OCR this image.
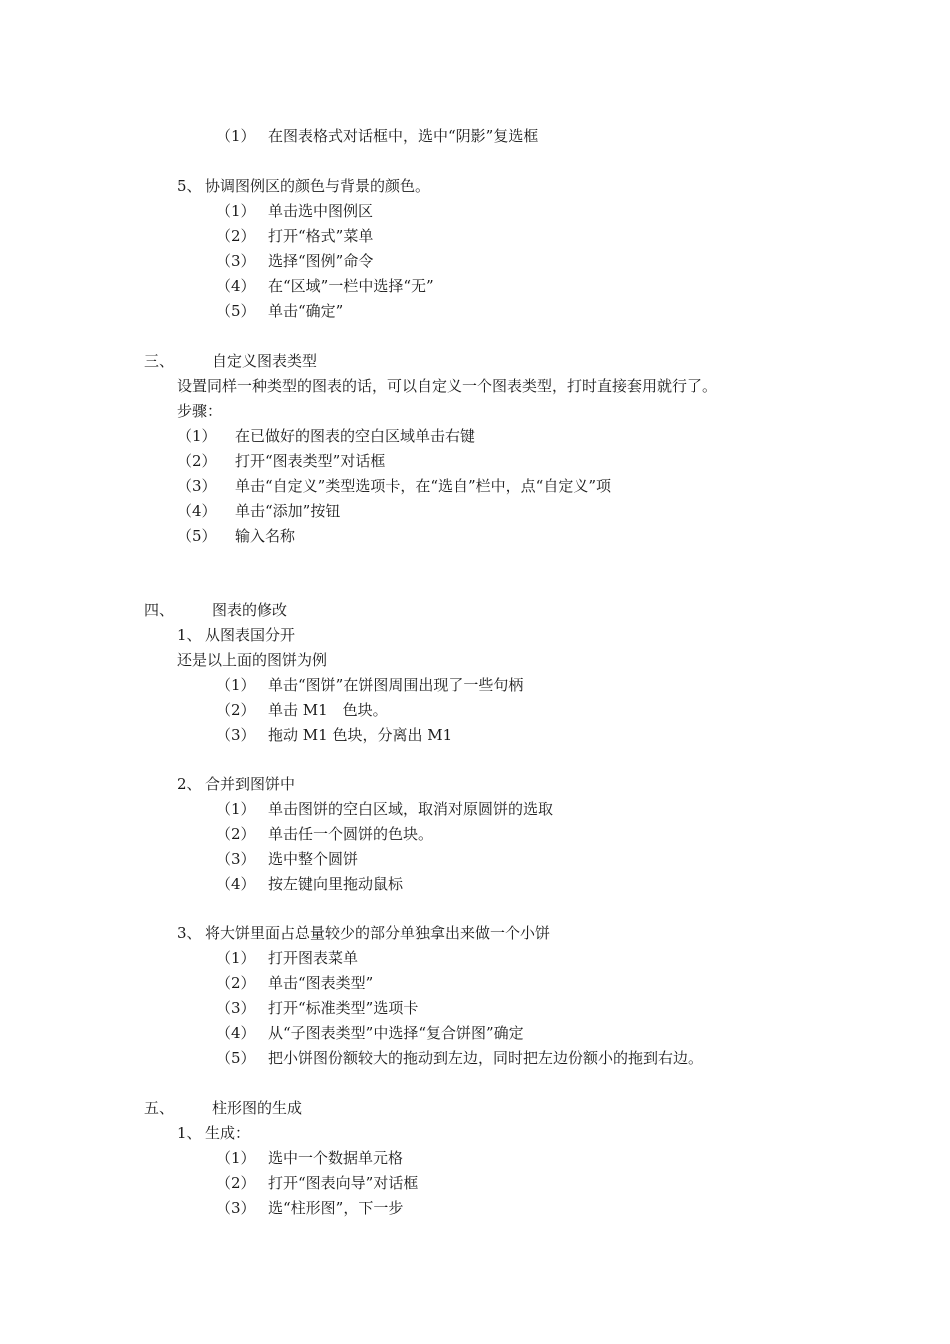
（1） 在图表格式对话框中，选中“阴影”复选框
5、 协调图例区的颜色与背景的颜色。
（1） 单击选中图例区
（2） 打开“格式”菜单
（3） 选择“图例”命令
（4） 在“区域”一栏中选择“无”
（5） 单击“确定”
三、	自定义图表类型
设置同样一种类型的图表的话，可以自定义一个图表类型，打时直接套用就行了。
步骤：
（1） 在已做好的图表的空白区域单击右键
（2） 打开“图表类型”对话框
（3） 单击“自定义”类型选项卡，在“选自”栏中，点“自定义”项
（4） 单击“添加”按钮
（5） 输入名称
四、	图表的修改
1、 从图表国分开
还是以上面的图饼为例
（1） 单击“图饼”在饼图周围出现了一些句柄
（2） 单击 M1　色块。
（3） 拖动 M1 色块，分离出 M1
2、 合并到图饼中
（1） 单击图饼的空白区域，取消对原圆饼的选取
（2） 单击任一个圆饼的色块。
（3） 选中整个圆饼
（4） 按左键向里拖动鼠标
3、 将大饼里面占总量较少的部分单独拿出来做一个小饼
（1） 打开图表菜单
（2） 单击“图表类型”
（3） 打开“标准类型”选项卡
（4） 从“子图表类型”中选择“复合饼图”确定
（5） 把小饼图份额较大的拖动到左边，同时把左边份额小的拖到右边。
五、	柱形图的生成
1、 生成：
（1） 选中一个数据单元格
（2） 打开“图表向导”对话框
（3） 选“柱形图”，下一步
